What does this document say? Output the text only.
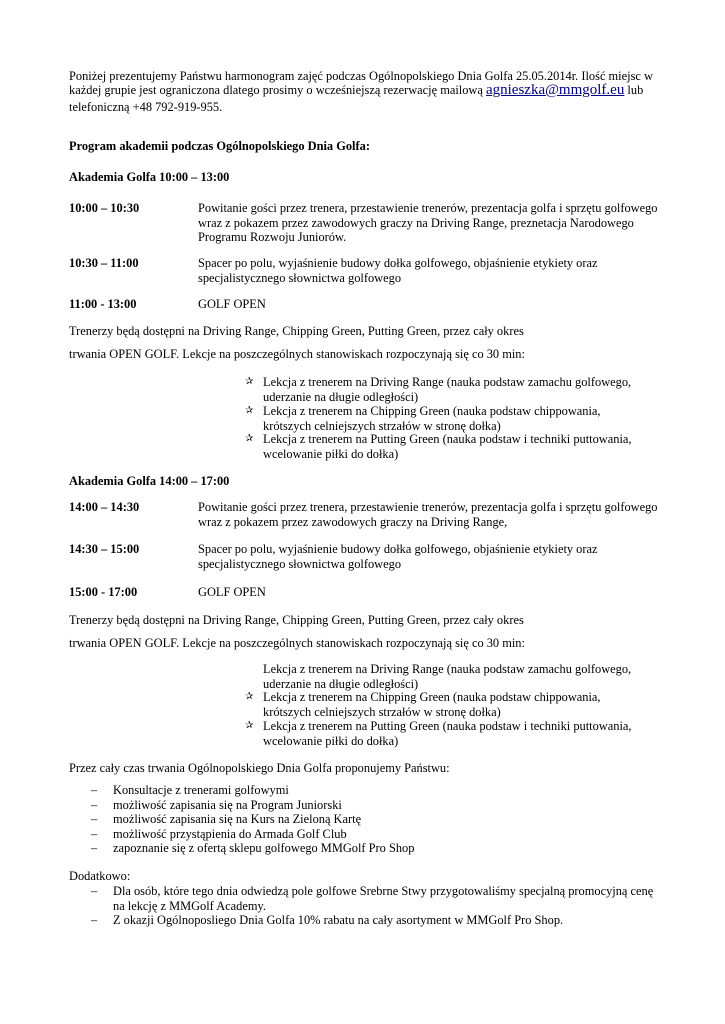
Poniżej prezentujemy Państwu harmonogram zajęć podczas Ogólnopolskiego Dnia Golfa 25.05.2014r. Ilość miejsc w
każdej grupie jest ograniczona dlatego prosimy o wcześniejszą rezerwację mailową agnieszka@mmgolf.eu lub
telefoniczną +48 792-919-955.
Program akademii podczas Ogólnopolskiego Dnia Golfa:
Akademia Golfa 10:00 – 13:00
10:00 – 10:30	Powitanie gości przez trenera, przestawienie trenerów, prezentacja golfa i sprzętu golfowego
wraz z pokazem przez zawodowych graczy na Driving Range, preznetacja Narodowego
Programu Rozwoju Juniorów.
10:30 – 11:00	Spacer po polu, wyjaśnienie budowy dołka golfowego, objaśnienie etykiety oraz
specjalistycznego słownictwa golfowego
11:00 - 13:00	GOLF OPEN
Trenerzy będą dostępni na Driving Range, Chipping Green, Putting Green, przez cały okres
trwania OPEN GOLF. Lekcje na poszczególnych stanowiskach rozpoczynają się co 30 min:
✰ Lekcja z trenerem na Driving Range (nauka podstaw zamachu golfowego,
uderzanie na długie odległości)
✰ Lekcja z trenerem na Chipping Green (nauka podstaw chippowania,
krótszych celniejszych strzałów w stronę dołka)
✰ Lekcja z trenerem na Putting Green (nauka podstaw i techniki puttowania,
wcelowanie piłki do dołka)
Akademia Golfa 14:00 – 17:00
14:00 – 14:30	Powitanie gości przez trenera, przestawienie trenerów, prezentacja golfa i sprzętu golfowego
wraz z pokazem przez zawodowych graczy na Driving Range,
14:30 – 15:00	Spacer po polu, wyjaśnienie budowy dołka golfowego, objaśnienie etykiety oraz
specjalistycznego słownictwa golfowego
15:00 - 17:00	GOLF OPEN
Trenerzy będą dostępni na Driving Range, Chipping Green, Putting Green, przez cały okres
trwania OPEN GOLF. Lekcje na poszczególnych stanowiskach rozpoczynają się co 30 min:
Lekcja z trenerem na Driving Range (nauka podstaw zamachu golfowego,
uderzanie na długie odległości)
✰ Lekcja z trenerem na Chipping Green (nauka podstaw chippowania,
krótszych celniejszych strzałów w stronę dołka)
✰ Lekcja z trenerem na Putting Green (nauka podstaw i techniki puttowania,
wcelowanie piłki do dołka)
Przez cały czas trwania Ogólnopolskiego Dnia Golfa proponujemy Państwu:
– Konsultacje z trenerami golfowymi
– możliwość zapisania się na Program Juniorski
– możliwość zapisania się na Kurs na Zieloną Kartę
– możliwość przystąpienia do Armada Golf Club
– zapoznanie się z ofertą sklepu golfowego MMGolf Pro Shop
Dodatkowo:
– Dla osób, które tego dnia odwiedzą pole golfowe Srebrne Stwy przygotowaliśmy specjalną promocyjną cenę
na lekcję z MMGolf Academy.
– Z okazji Ogólnoposliego Dnia Golfa 10% rabatu na cały asortyment w MMGolf Pro Shop.
